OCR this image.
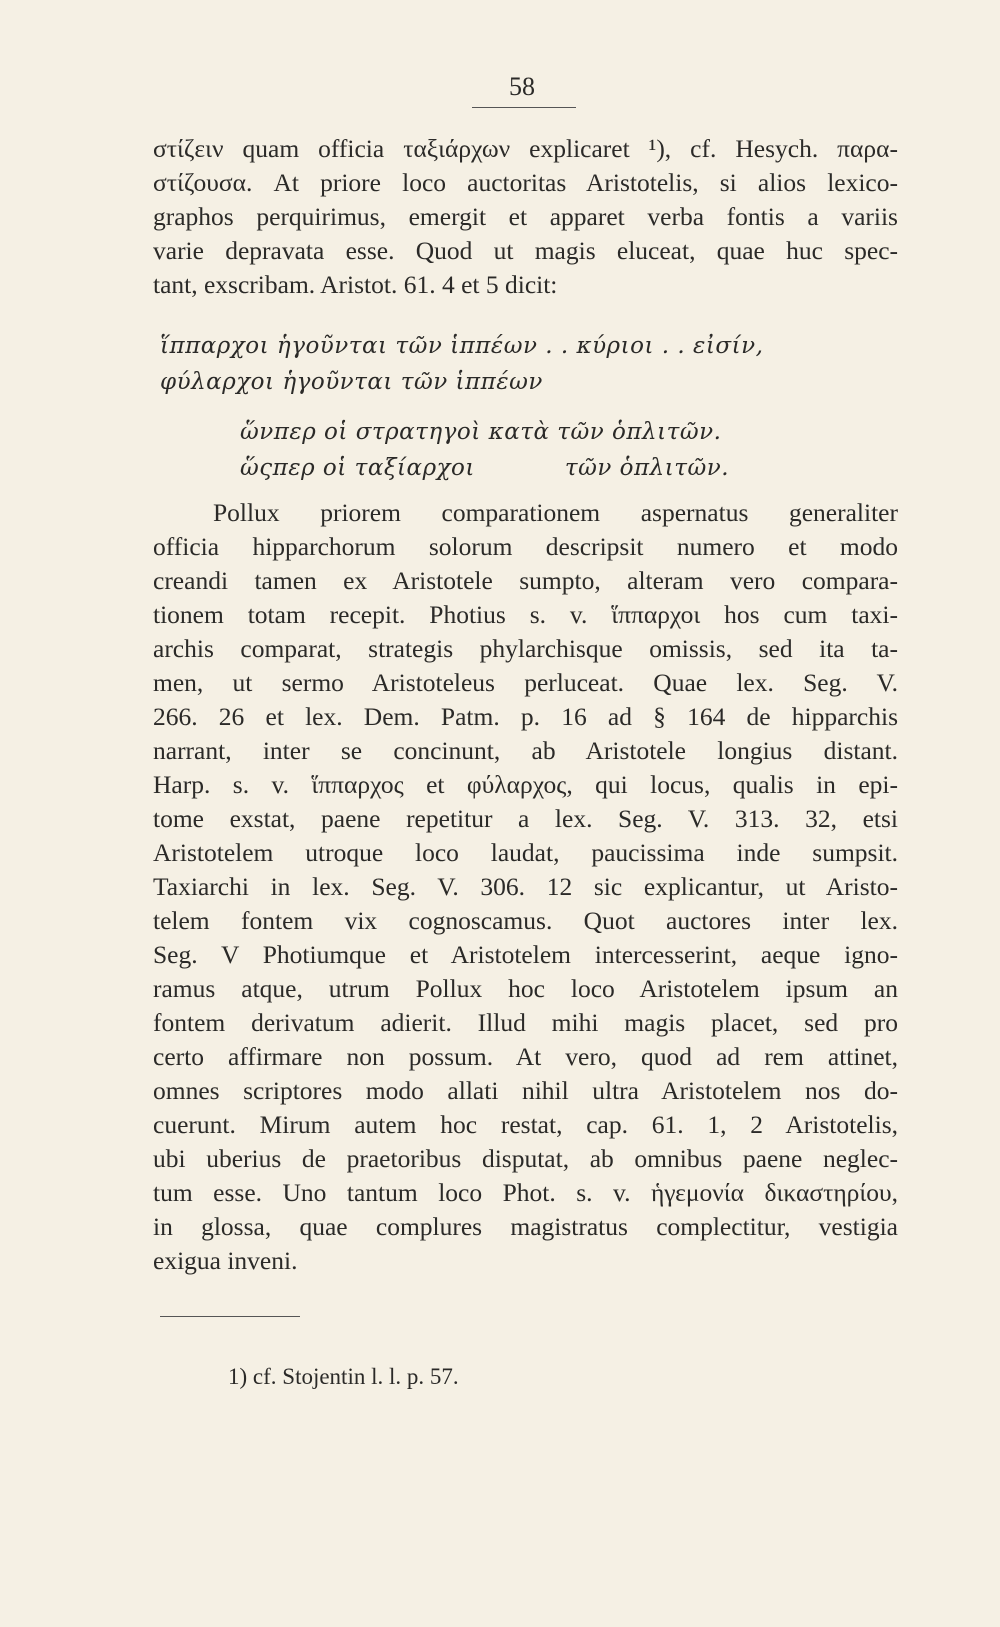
58
στίζειν quam officia ταξιάρχων explicaret ¹), cf. Hesych. παρα-
στίζουσα. At priore loco auctoritas Aristotelis, si alios lexico-
graphos perquirimus, emergit et apparet verba fontis a variis
varie depravata esse. Quod ut magis eluceat, quae huc spec-
tant, exscribam. Aristot. 61. 4 et 5 dicit:
ἵππαρχοι ἡγοῦνται τῶν ἱππέων . . κύριοι . . εἰσίν,
φύλαρχοι ἡγοῦνται τῶν ἱππέων
ὥνπερ οἱ στρατηγοὶ κατὰ τῶν ὁπλιτῶν.
ὥςπερ οἱ ταξίαρχοι	τῶν ὁπλιτῶν.
Pollux priorem comparationem aspernatus generaliter
officia hipparchorum solorum descripsit numero et modo
creandi tamen ex Aristotele sumpto, alteram vero compara-
tionem totam recepit. Photius s. v. ἵππαρχοι hos cum taxi-
archis comparat, strategis phylarchisque omissis, sed ita ta-
men, ut sermo Aristoteleus perluceat. Quae lex. Seg. V.
266. 26 et lex. Dem. Patm. p. 16 ad § 164 de hipparchis
narrant, inter se concinunt, ab Aristotele longius distant.
Harp. s. v. ἵππαρχος et φύλαρχος, qui locus, qualis in epi-
tome exstat, paene repetitur a lex. Seg. V. 313. 32, etsi
Aristotelem utroque loco laudat, paucissima inde sumpsit.
Taxiarchi in lex. Seg. V. 306. 12 sic explicantur, ut Aristo-
telem fontem vix cognoscamus. Quot auctores inter lex.
Seg. V Photiumque et Aristotelem intercesserint, aeque igno-
ramus atque, utrum Pollux hoc loco Aristotelem ipsum an
fontem derivatum adierit. Illud mihi magis placet, sed pro
certo affirmare non possum. At vero, quod ad rem attinet,
omnes scriptores modo allati nihil ultra Aristotelem nos do-
cuerunt. Mirum autem hoc restat, cap. 61. 1, 2 Aristotelis,
ubi uberius de praetoribus disputat, ab omnibus paene neglec-
tum esse. Uno tantum loco Phot. s. v. ἡγεμονία δικαστηρίου,
in glossa, quae complures magistratus complectitur, vestigia
exigua inveni.
1) cf. Stojentin l. l. p. 57.
